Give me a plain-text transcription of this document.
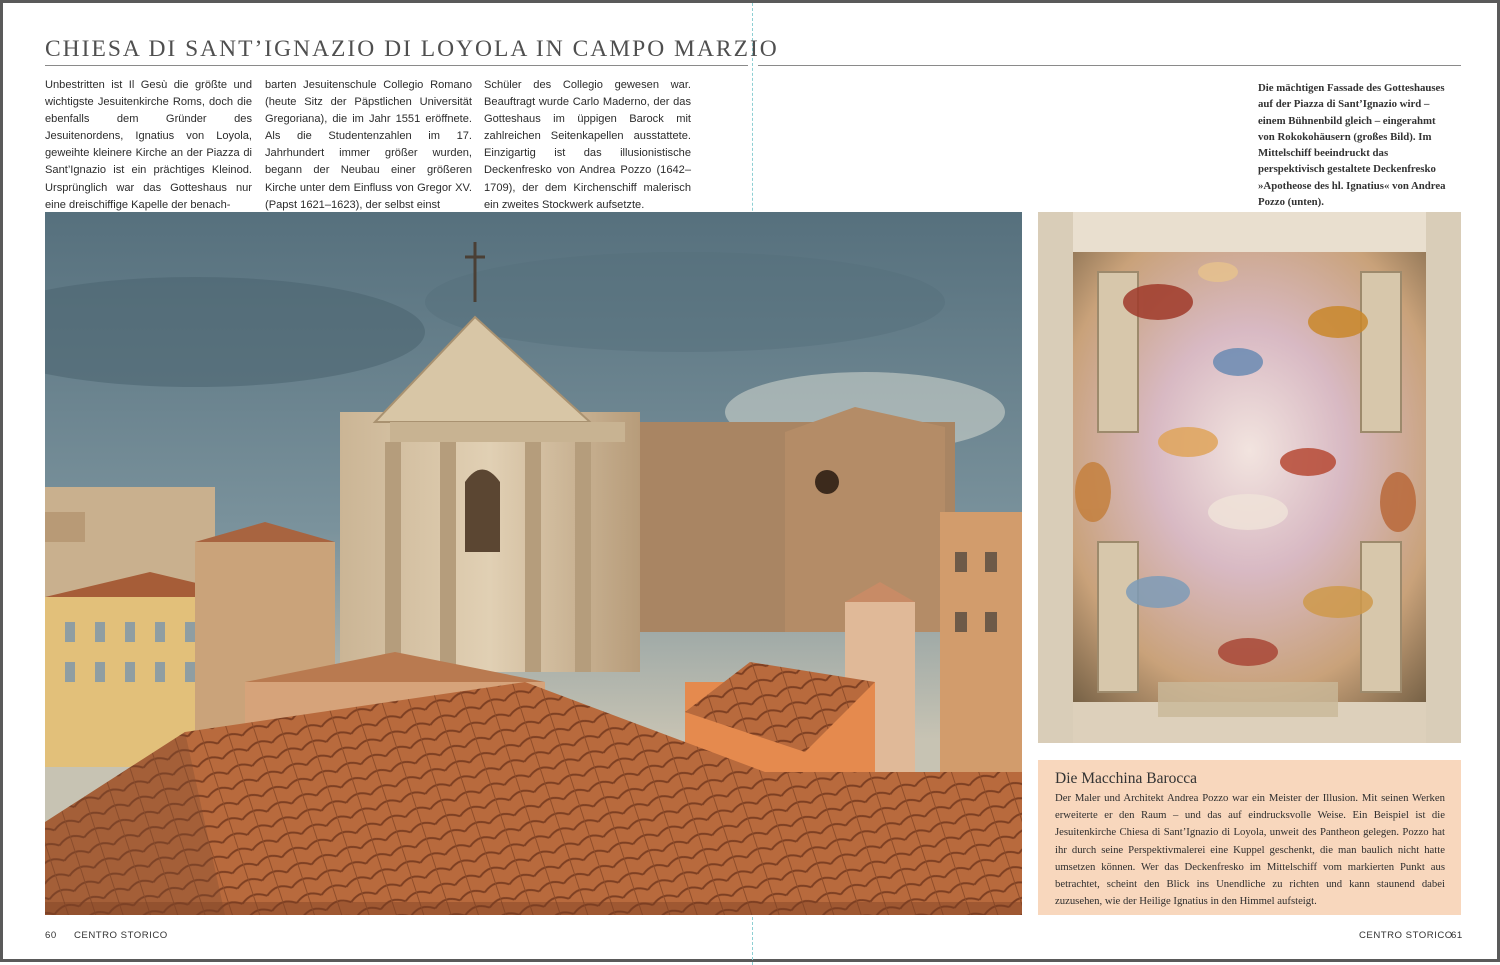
CHIESA DI SANT’IGNAZIO DI LOYOLA IN CAMPO MARZIO
Unbestritten ist Il Gesù die größte und wichtigste Jesuitenkirche Roms, doch die ebenfalls dem Gründer des Jesuitenordens, Ignatius von Loyola, geweihte kleinere Kirche an der Piazza di Sant’Ignazio ist ein prächtiges Kleinod. Ursprünglich war das Gotteshaus nur eine dreischiffige Kapelle der benach-
barten Jesuitenschule Collegio Romano (heute Sitz der Päpstlichen Universität Gregoriana), die im Jahr 1551 eröffnete. Als die Studentenzahlen im 17. Jahrhundert immer größer wurden, begann der Neubau einer größeren Kirche unter dem Einfluss von Gregor XV. (Papst 1621–1623), der selbst einst
Schüler des Collegio gewesen war. Beauftragt wurde Carlo Maderno, der das Gotteshaus im üppigen Barock mit zahlreichen Seitenkapellen ausstattete. Einzigartig ist das illusionistische Deckenfresko von Andrea Pozzo (1642–1709), der dem Kirchenschiff malerisch ein zweites Stockwerk aufsetzte.
Die mächtigen Fassade des Gotteshauses auf der Piazza di Sant’Ignazio wird – einem Bühnenbild gleich – eingerahmt von Rokokohäusern (großes Bild). Im Mittelschiff beeindruckt das perspektivisch gestaltete Deckenfresko »Apotheose des hl. Ignatius« von Andrea Pozzo (unten).
Die Macchina Barocca

Der Maler und Architekt Andrea Pozzo war ein Meister der Illusion. Mit seinen Werken erweiterte er den Raum – und das auf eindrucksvolle Weise. Ein Beispiel ist die Jesuitenkirche Chiesa di Sant’Ignazio di Loyola, unweit des Pantheon gelegen. Pozzo hat ihr durch seine Perspektivmalerei eine Kuppel geschenkt, die man baulich nicht hatte umsetzen können. Wer das Deckenfresko im Mittelschiff vom markierten Punkt aus betrachtet, scheint den Blick ins Unendliche zu richten und kann staunend dabei zuzusehen, wie der Heilige Ignatius in den Himmel aufsteigt.

60 CENTRO STORICO	CENTRO STORICO
61
